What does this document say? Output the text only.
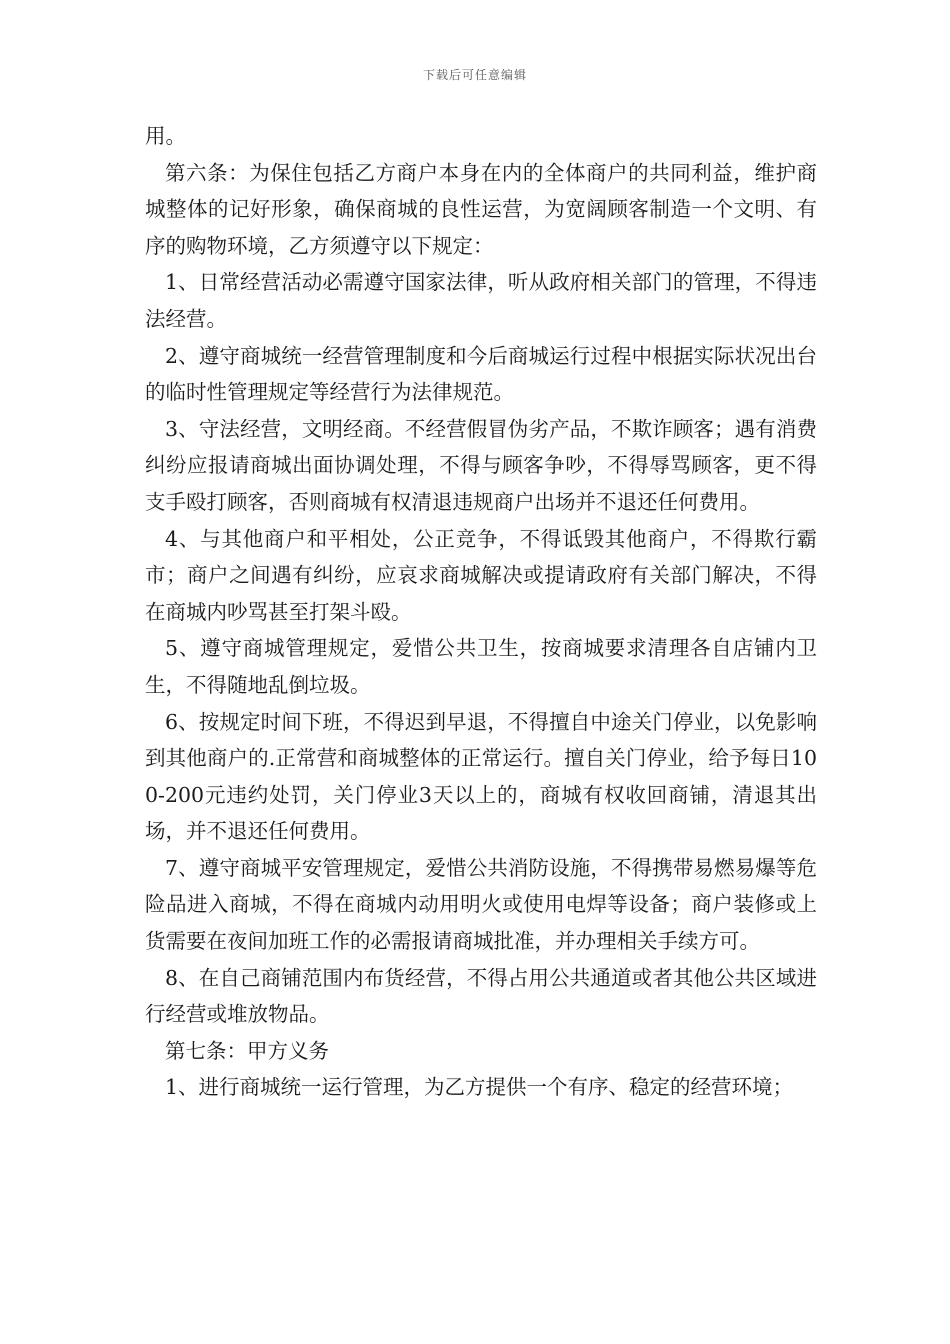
下载后可任意编辑

用。

第六条：为保住包括乙方商户本身在内的全体商户的共同利益，维护商城整体的记好形象，确保商城的良性运营，为宽阔顾客制造一个文明、有序的购物环境，乙方须遵守以下规定：

1、日常经营活动必需遵守国家法律，听从政府相关部门的管理，不得违法经营。

2、遵守商城统一经营管理制度和今后商城运行过程中根据实际状况出台的临时性管理规定等经营行为法律规范。

3、守法经营，文明经商。不经营假冒伪劣产品，不欺诈顾客；遇有消费纠纷应报请商城出面协调处理，不得与顾客争吵，不得辱骂顾客，更不得支手殴打顾客，否则商城有权清退违规商户出场并不退还任何费用。

4、与其他商户和平相处，公正竞争，不得诋毁其他商户，不得欺行霸市；商户之间遇有纠纷，应哀求商城解决或提请政府有关部门解决，不得在商城内吵骂甚至打架斗殴。

5、遵守商城管理规定，爱惜公共卫生，按商城要求清理各自店铺内卫生，不得随地乱倒垃圾。

6、按规定时间下班，不得迟到早退，不得擅自中途关门停业，以免影响到其他商户的.正常营和商城整体的正常运行。擅自关门停业，给予每日100-200元违约处罚，关门停业3天以上的，商城有权收回商铺，清退其出场，并不退还任何费用。

7、遵守商城平安管理规定，爱惜公共消防设施，不得携带易燃易爆等危险品进入商城，不得在商城内动用明火或使用电焊等设备；商户装修或上货需要在夜间加班工作的必需报请商城批准，并办理相关手续方可。

8、在自己商铺范围内布货经营，不得占用公共通道或者其他公共区域进行经营或堆放物品。

第七条：甲方义务

1、进行商城统一运行管理，为乙方提供一个有序、稳定的经营环境；
